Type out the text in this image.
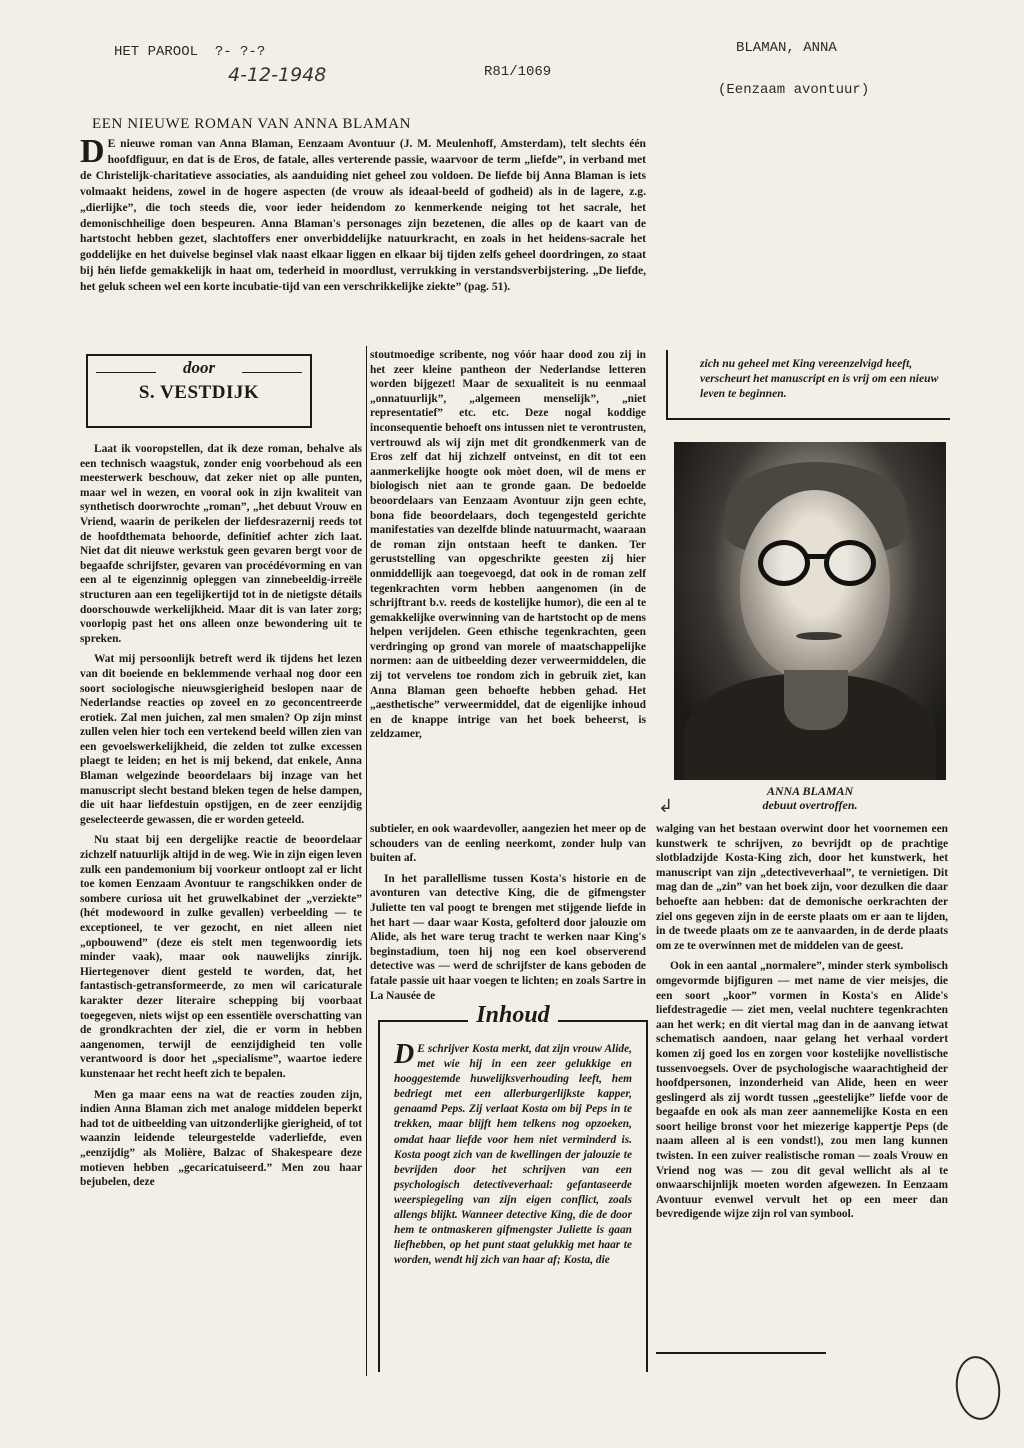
HET PAROOL ?- ?-?
4-12-1948	R81/1069
BLAMAN, ANNA
(Eenzaam avontuur)
EEN NIEUWE ROMAN VAN ANNA BLAMAN
D E nieuwe roman van Anna Blaman, Eenzaam Avontuur (J. M. Meulenhoff, Amsterdam), telt slechts één hoofdfiguur, en dat is de Eros, de fatale, alles verterende passie, waarvoor de term „liefde”, in verband met de Christelijk-charitatieve associaties, als aanduiding niet geheel zou voldoen. De liefde bij Anna Blaman is iets volmaakt heidens, zowel in de hogere aspecten (de vrouw als ideaal-beeld of godheid) als in de lagere, z.g. „dierlijke”, die toch steeds die, voor ieder heidendom zo kenmerkende neiging tot het sacrale, het demonischheilige doen bespeuren. Anna Blaman's personages zijn bezetenen, die alles op de kaart van de hartstocht hebben gezet, slachtoffers ener onverbiddelijke natuurkracht, en zoals in het heidens-sacrale het goddelijke en het duivelse beginsel vlak naast elkaar liggen en elkaar bij tijden zelfs geheel doordringen, zo staat bij hén liefde gemakkelijk in haat om, tederheid in moordlust, verrukking in verstandsverbijstering. „De liefde, het geluk scheen wel een korte incubatie-tijd van een verschrikkelijke ziekte” (pag. 51).
door
S. VESTDIJK

Laat ik vooropstellen, dat ik deze roman, behalve als een technisch waagstuk, zonder enig voorbehoud als een meesterwerk beschouw, dat zeker niet op alle punten, maar wel in wezen, en vooral ook in zijn kwaliteit van synthetisch doorwrochte „roman”, „het debuut Vrouw en Vriend, waarin de perikelen der liefdesrazernij reeds tot de hoofdthemata behoorde, definitief achter zich laat. Niet dat dit nieuwe werkstuk geen gevaren bergt voor de begaafde schrijfster, gevaren van procédévorming en van een al te eigenzinnig opleggen van zinnebeeldig-irreële structuren aan een tegelijkertijd tot in de nietigste détails doorschouwde werkelijkheid. Maar dit is van later zorg; voorlopig past het ons alleen onze bewondering uit te spreken.

Wat mij persoonlijk betreft werd ik tijdens het lezen van dit boeiende en beklemmende verhaal nog door een soort sociologische nieuwsgierigheid beslopen naar de Nederlandse reacties op zoveel en zo geconcentreerde erotiek. Zal men juichen, zal men smalen? Op zijn minst zullen velen hier toch een vertekend beeld willen zien van een gevoelswerkelijkheid, die zelden tot zulke excessen plaegt te leiden; en het is mij bekend, dat enkele, Anna Blaman welgezinde beoordelaars bij inzage van het manuscript slecht bestand bleken tegen de helse dampen, die uit haar liefdestuin opstijgen, en de zeer eenzijdig geselecteerde gewassen, die er worden geteeld.

Nu staat bij een dergelijke reactie de beoordelaar zichzelf natuurlijk altijd in de weg. Wie in zijn eigen leven zulk een pandemonium bij voorkeur ontloopt zal er licht toe komen Eenzaam Avontuur te rangschikken onder de sombere curiosa uit het gruwelkabinet der „verziekte” (hét modewoord in zulke gevallen) verbeelding — te exceptioneel, te ver gezocht, en niet alleen niet „opbouwend” (deze eis stelt men tegenwoordig iets minder vaak), maar ook nauwelijks zinrijk. Hiertegenover dient gesteld te worden, dat, het fantastisch-getransformeerde, zo men wil caricaturale karakter dezer literaire schepping bij voorbaat toegegeven, niets wijst op een essentiële overschatting van de grondkrachten der ziel, die er vorm in hebben aangenomen, terwijl de eenzijdigheid ten volle verantwoord is door het „specialisme”, waartoe iedere kunstenaar het recht heeft zich te bepalen.

Men ga maar eens na wat de reacties zouden zijn, indien Anna Blaman zich met analoge middelen beperkt had tot de uitbeelding van uitzonderlijke gierigheid, of tot waanzin leidende teleurgestelde vaderliefde, even „eenzijdig” als Molière, Balzac of Shakespeare deze motieven hebben „gecaricatuiseerd.” Men zou haar bejubelen, deze

stoutmoedige scribente, nog vóór haar dood zou zij in het zeer kleine pantheon der Nederlandse letteren worden bijgezet! Maar de sexualiteit is nu eenmaal „onnatuurlijk”, „algemeen menselijk”, „niet representatief” etc. etc. Deze nogal koddige inconsequentie behoeft ons intussen niet te verontrusten, vertrouwd als wij zijn met dit grondkenmerk van de Eros zelf dat hij zichzelf ontveinst, en dit tot een aanmerkelijke hoogte ook mòet doen, wil de mens er biologisch niet aan te gronde gaan. De bedoelde beoordelaars van Eenzaam Avontuur zijn geen echte, bona fide beoordelaars, doch tegengesteld gerichte manifestaties van dezelfde blinde natuurmacht, waaraan de roman zijn ontstaan heeft te danken. Ter geruststelling van opgeschrikte geesten zij hier onmiddellijk aan toegevoegd, dat ook in de roman zelf tegenkrachten vorm hebben aangenomen (in de schrijftrant b.v. reeds de kostelijke humor), die een al te gemakkelijke overwinning van de hartstocht op de mens helpen verijdelen. Geen ethische tegenkrachten, geen verdringing op grond van morele of maatschappelijke normen: aan de uitbeelding dezer verweermiddelen, die zij tot vervelens toe rondom zich in gebruik ziet, kan Anna Blaman geen behoefte hebben gehad. Het „aesthetische” verweermiddel, dat de eigenlijke inhoud en de knappe intrige van het boek beheerst, is zeldzamer,

subtieler, en ook waardevoller, aangezien het meer op de schouders van de eenling neerkomt, zonder hulp van buiten af.

In het parallellisme tussen Kosta's historie en de avonturen van detective King, die de gifmengster Juliette ten val poogt te brengen met stijgende liefde in het hart — daar waar Kosta, gefolterd door jalouzie om Alide, als het ware terug tracht te werken naar King's beginstadium, toen hij nog een koel observerend detective was — werd de schrijfster de kans geboden de fatale passie uit haar voegen te lichten; en zoals Sartre in La Nausée de

zich nu geheel met King vereenzelvigd heeft, verscheurt het manuscript en is vrij om een nieuw leven te beginnen.
ANNA BLAMAN
debuut overtroffen.
↲

walging van het bestaan overwint door het voornemen een kunstwerk te schrijven, zo bevrijdt op de prachtige slotbladzijde Kosta-King zich, door het kunstwerk, het manuscript van zijn „detectiveverhaal”, te vernietigen. Dit mag dan de „zin” van het boek zijn, voor dezulken die daar behoefte aan hebben: dat de demonische oerkrachten der ziel ons gegeven zijn in de eerste plaats om er aan te lijden, in de tweede plaats om ze te aanvaarden, in de derde plaats om ze te overwinnen met de middelen van de geest.

Ook in een aantal „normalere”, minder sterk symbolisch omgevormde bijfiguren — met name de vier meisjes, die een soort „koor” vormen in Kosta's en Alide's liefdestragedie — ziet men, veelal nuchtere tegenkrachten aan het werk; en dit viertal mag dan in de aanvang ietwat schematisch aandoen, naar gelang het verhaal vordert komen zij goed los en zorgen voor kostelijke novellistische tussenvoegsels. Over de psychologische waarachtigheid der hoofdpersonen, inzonderheid van Alide, heen en weer geslingerd als zij wordt tussen „geestelijke” liefde voor de begaafde en ook als man zeer aannemelijke Kosta en een soort heilige bronst voor het miezerige kappertje Peps (de naam alleen al is een vondst!), zou men lang kunnen twisten. In een zuiver realistische roman — zoals Vrouw en Vriend nog was — zou dit geval wellicht als al te onwaarschijnlijk moeten worden afgewezen. In Eenzaam Avontuur evenwel vervult het op een meer dan bevredigende wijze zijn rol van symbool.

Inhoud
D E schrijver Kosta merkt, dat zijn vrouw Alide, met wie hij in een zeer gelukkige en hooggestemde huwelijksverhouding leeft, hem bedriegt met een allerburgerlijkste kapper, genaamd Peps. Zij verlaat Kosta om bij Peps in te trekken, maar blijft hem telkens nog opzoeken, omdat haar liefde voor hem niet verminderd is. Kosta poogt zich van de kwellingen der jalouzie te bevrijden door het schrijven van een psychologisch detectiveverhaal: gefantaseerde weerspiegeling van zijn eigen conflict, zoals allengs blijkt. Wanneer detective King, die de door hem te ontmaskeren gifmengster Juliette is gaan liefhebben, op het punt staat gelukkig met haar te worden, wendt hij zich van haar af; Kosta, die
